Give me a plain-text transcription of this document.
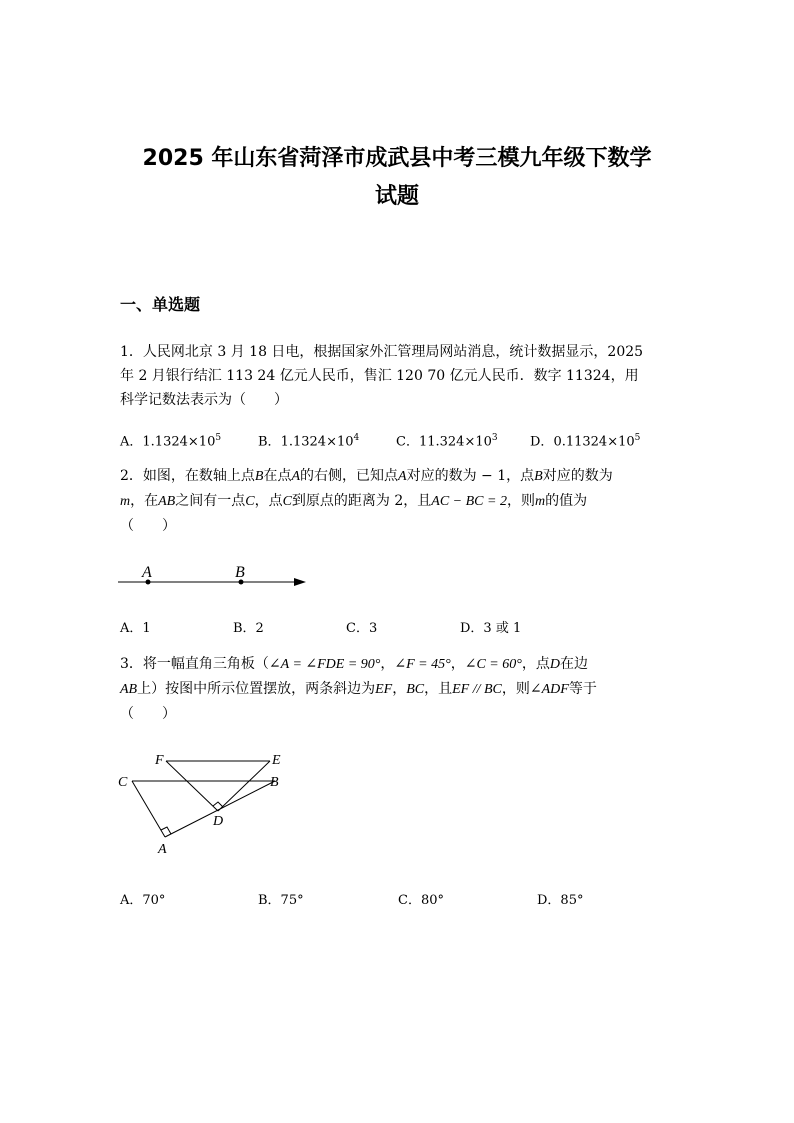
2025 年山东省菏泽市成武县中考三模九年级下数学
试题
一、单选题

1．人民网北京 3 月 18 日电，根据国家外汇管理局网站消息，统计数据显示，2025

年 2 月银行结汇 113 24 亿元人民币，售汇 120 70 亿元人民币．数字 11324，用

科学记数法表示为（　　）

A．$1.1324\times 10^5$	B．$1.1324\times 10^4$	C．$11.324\times 10^3$ D．$0.11324\times 10^5$

2．如图，在数轴上点B在点A的右侧，已知点A对应的数为 − 1，点B对应的数为

m，在AB之间有一点C，点C到原点的距离为 2，且AC − BC = 2，则m的值为

（　　）

A	B
A．1	B．2	C．3	D．3 或 1

3．将一幅直角三角板（∠A = ∠FDE = 90°，∠F = 45°，∠C = 60°，点D在边

AB上）按图中所示位置摆放，两条斜边为EF，BC，且EF // BC，则∠ADF等于

（　　）

F	E
C	B
D
A
A．70°	B．75°	C．80°	D．85°
